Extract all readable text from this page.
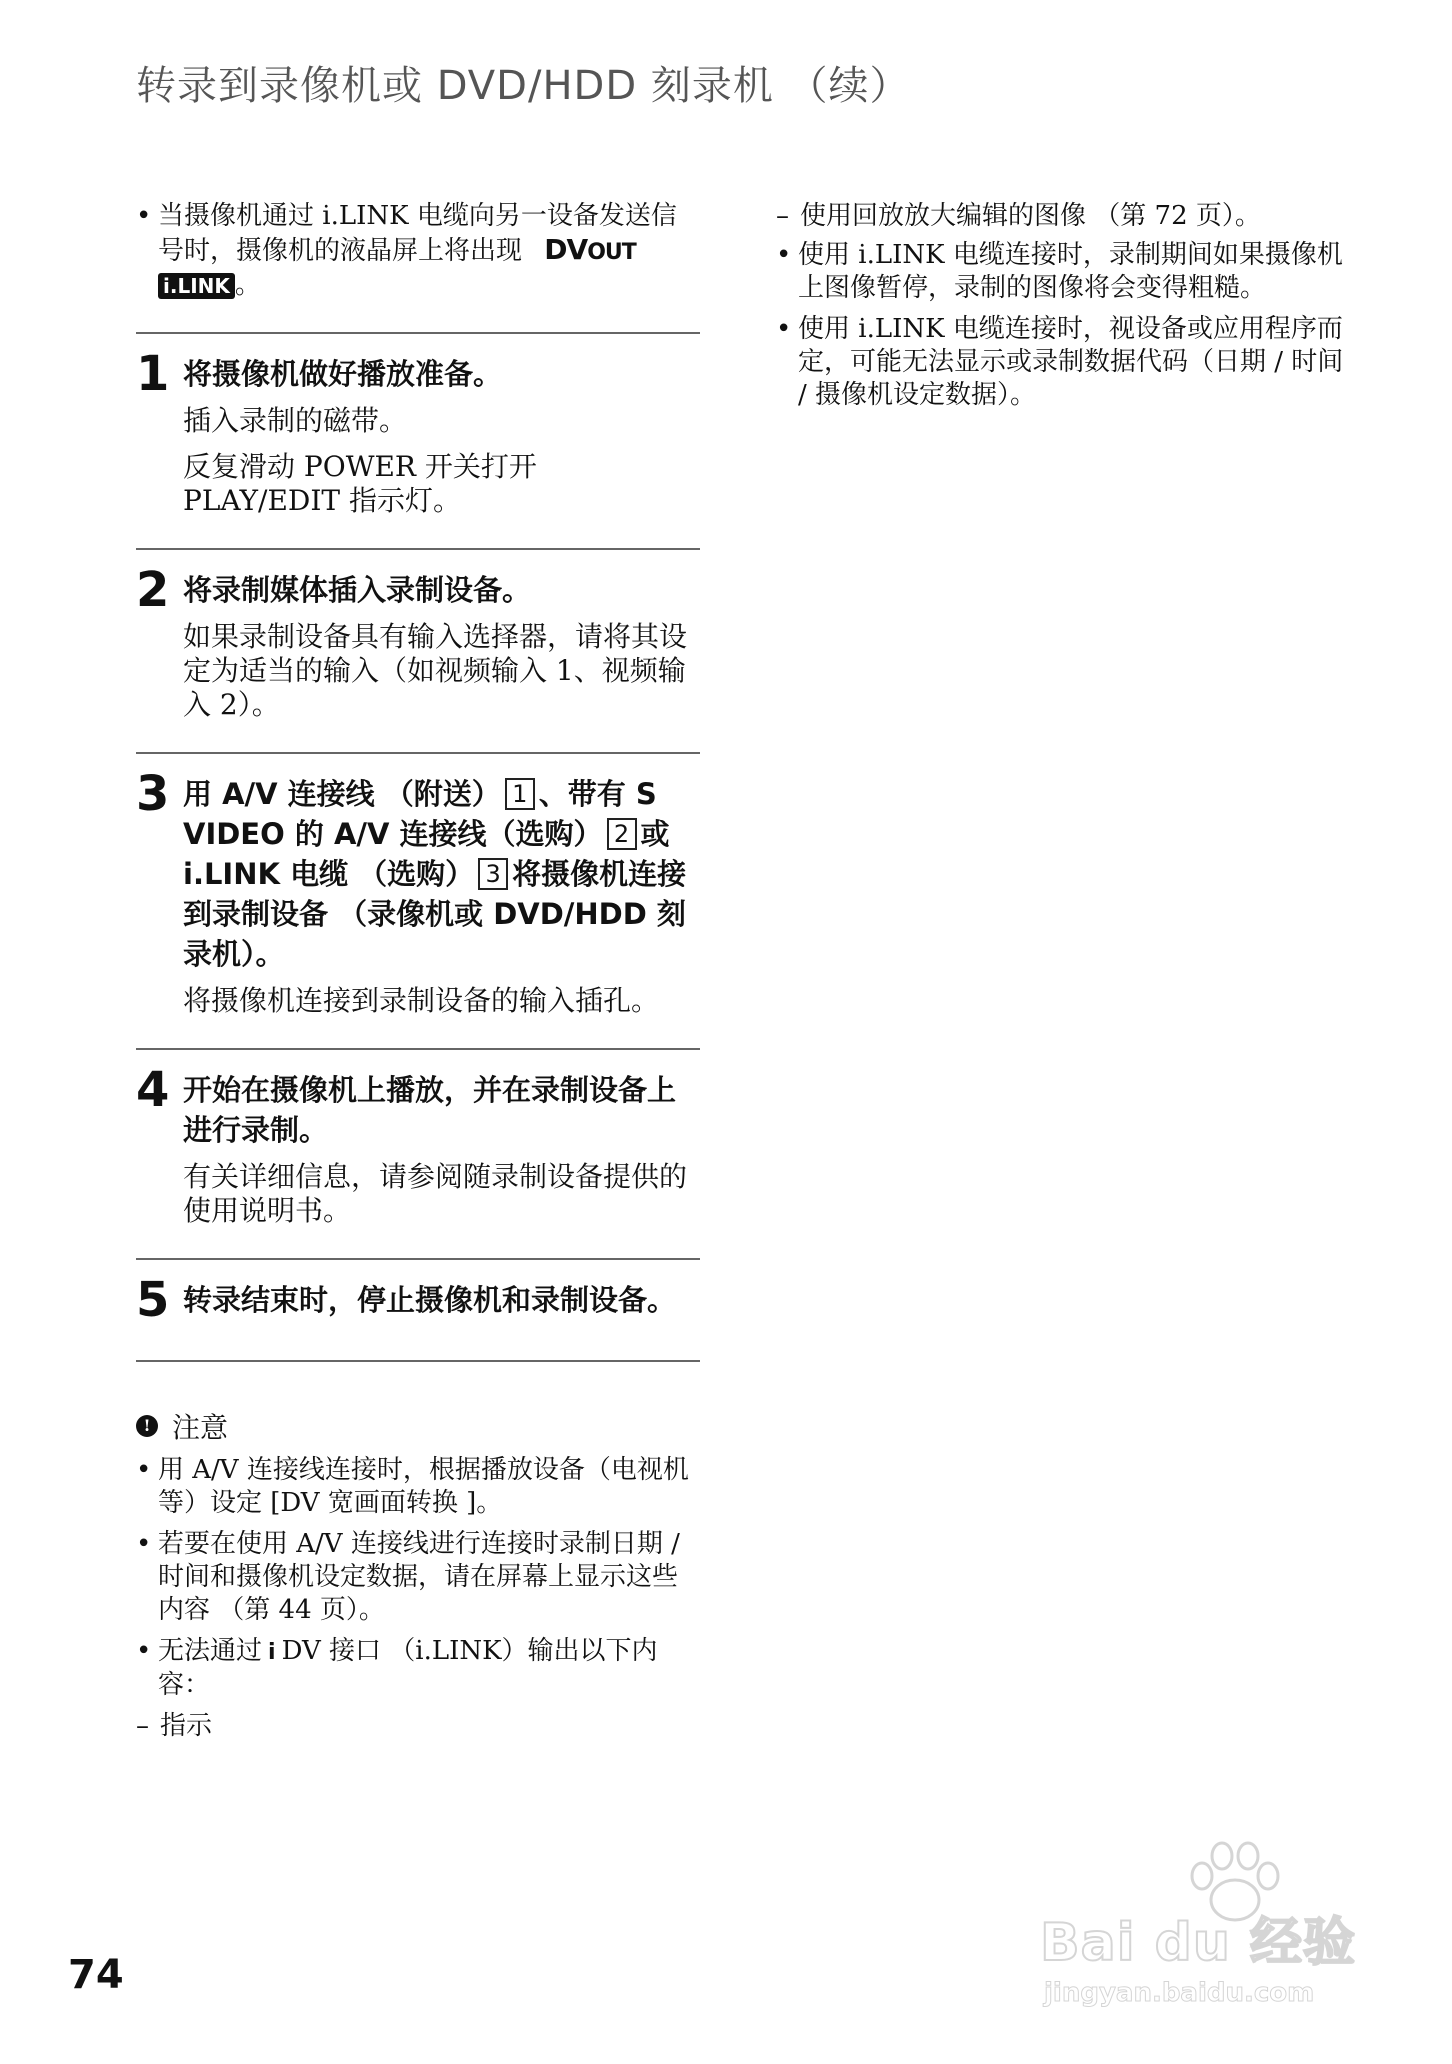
转录到录像机或 DVD/HDD 刻录机 （续）
• 当摄像机通过 i.LINK 电缆向另一设备发送信号时，摄像机的液晶屏上将出现 DVOUT
i.LINK 。
1 将摄像机做好播放准备。

插入录制的磁带。

反复滑动 POWER 开关打开 PLAY/EDIT 指示灯。

2 将录制媒体插入录制设备。

如果录制设备具有输入选择器，请将其设定为适当的输入（如视频输入 1、视频输入 2）。

3 用 A/V 连接线 （附送） 1 、带有 S VIDEO 的 A/V 连接线（选购） 2 或 i.LINK 电缆 （选购） 3 将摄像机连接到录制设备 （录像机或 DVD/HDD 刻录机）。

将摄像机连接到录制设备的输入插孔。

4 开始在摄像机上播放，并在录制设备上进行录制。

有关详细信息，请参阅随录制设备提供的使用说明书。

5 转录结束时，停止摄像机和录制设备。
! 注意
• 用 A/V 连接线连接时，根据播放设备（电视机等）设定 [DV 宽画面转换 ]。
• 若要在使用 A/V 连接线进行连接时录制日期 / 时间和摄像机设定数据，请在屏幕上显示这些内容 （第 44 页）。
• 无法通过 i DV 接口 （i.LINK）输出以下内容：
– 指示
– 使用回放放大编辑的图像 （第 72 页）。
• 使用 i.LINK 电缆连接时，录制期间如果摄像机上图像暂停，录制的图像将会变得粗糙。
• 使用 i.LINK 电缆连接时，视设备或应用程序而定，可能无法显示或录制数据代码（日期 / 时间 / 摄像机设定数据）。
74
Bai du 经验
jingyan.baidu.com
